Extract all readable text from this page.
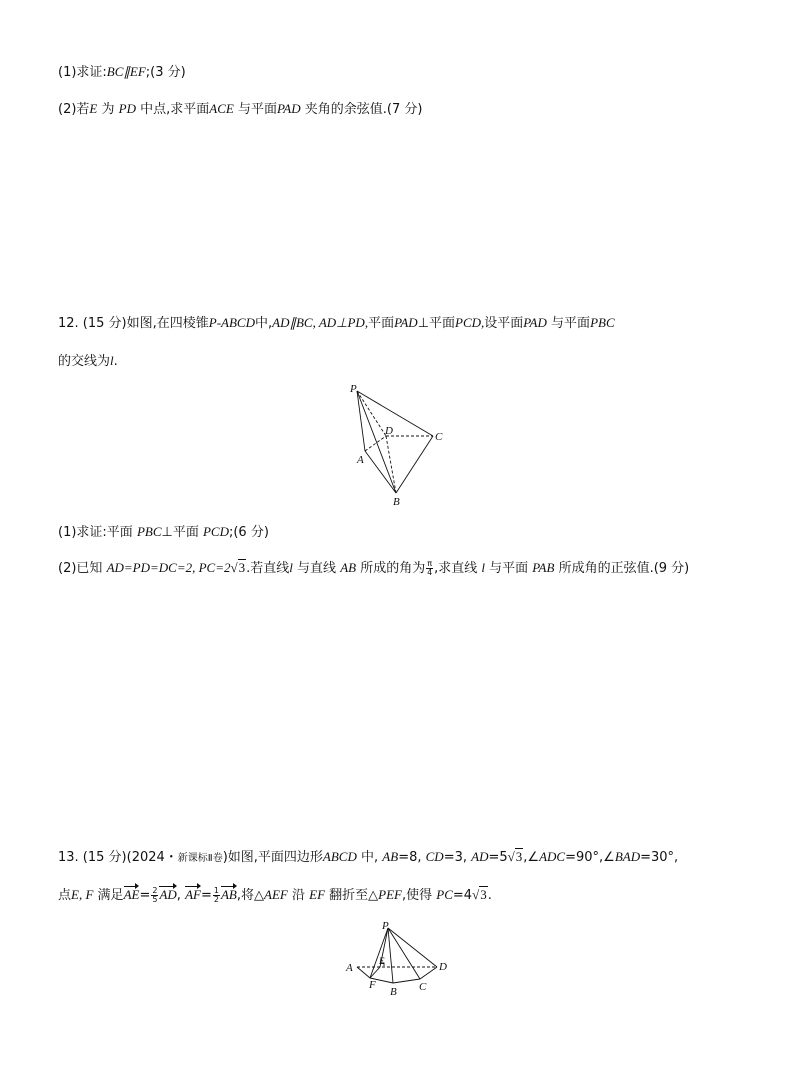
(1)求证:BC∥EF;(3 分)
(2)若E 为 PD 中点,求平面ACE 与平面PAD 夹角的余弦值.(7 分)
12. (15 分)如图,在四棱锥P-ABCD中,AD∥BC, AD⊥PD,平面PAD⊥平面PCD,设平面PAD 与平面PBC
的交线为l.
P
D	C
A
B
(1)求证:平面 PBC⊥平面 PCD;(6 分)
(2)已知 AD=PD=DC=2, PC=2√3.若直线l 与直线 AB 所成的角为 $\frac{\pi}{4}$ ,求直线 l 与平面 PAB 所成角的正弦值.(9 分)
13. (15 分)(2024・新课标Ⅱ卷)如图,平面四边形ABCD 中, AB=8, CD=3, AD=5√3,∠ADC=90°,∠BAD=30°,
点E, F 满足$AE= \frac{2}{5}$ AD, $AF= \frac{1}{2}$ AB,将△AEF 沿 EF 翻折至△PEF,使得 PC=4√3.
P
A
E	D
F
B C
